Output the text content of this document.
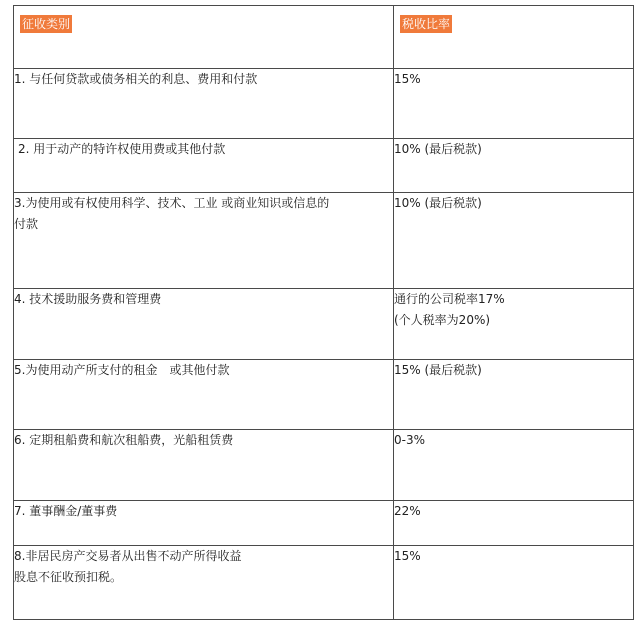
征收类别	税收比率

1. 与任何贷款或债务相关的利息、费用和付款	15%

2. 用于动产的特许权使用费或其他付款	10% (最后税款)

3.为使用或有权使用科学、技术、工业 或商业知识或信息的
付款	10% (最后税款)

4. 技术援助服务费和管理费	通行的公司税率17%
(个人税率为20%)

5.为使用动产所支付的租金　或其他付款	15% (最后税款)

6. 定期租船费和航次租船费，光船租赁费	0-3%

7. 董事酬金/董事费	22%

8.非居民房产交易者从出售不动产所得收益
股息不征收预扣税。	15%
